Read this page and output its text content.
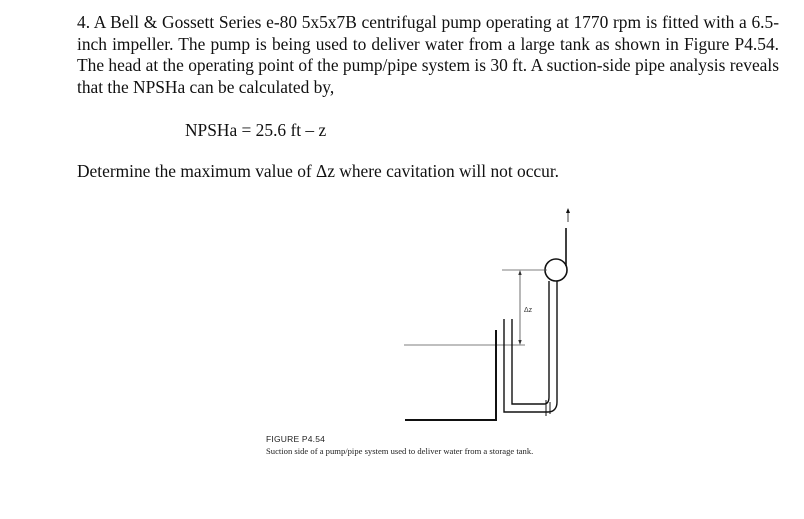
4. A Bell & Gossett Series e-80 5x5x7B centrifugal pump operating at 1770 rpm is fitted with a 6.5-inch impeller. The pump is being used to deliver water from a large tank as shown in Figure P4.54. The head at the operating point of the pump/pipe system is 30 ft. A suction-side pipe analysis reveals that the NPSHa can be calculated by,

NPSHa = 25.6 ft – z
Determine the maximum value of Δz where cavitation will not occur.
Δz
FIGURE P4.54
Suction side of a pump/pipe system used to deliver water from a storage tank.
